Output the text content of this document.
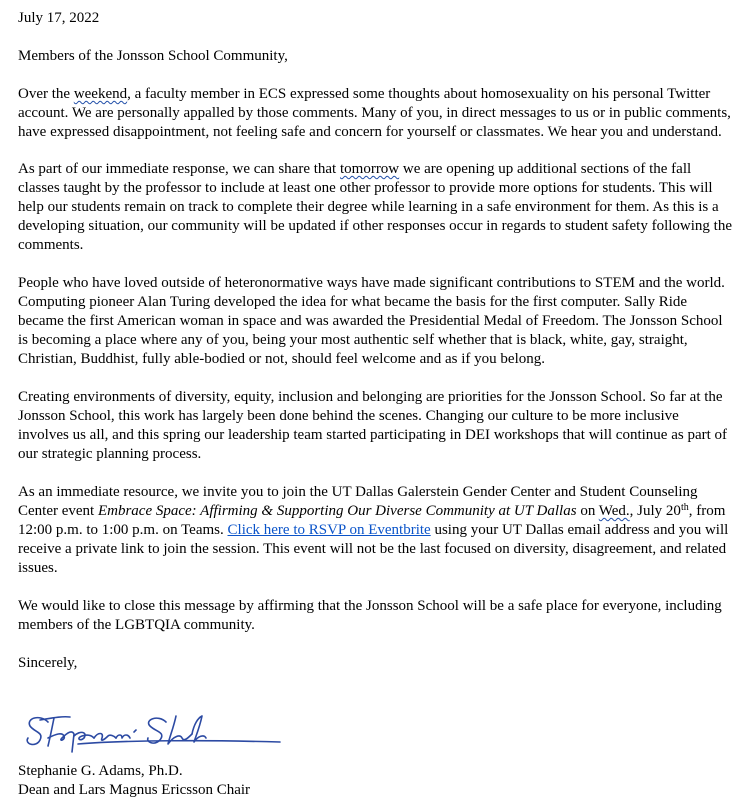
July 17, 2022

Members of the Jonsson School Community,

Over the weekend, a faculty member in ECS expressed some thoughts about homosexuality on his personal Twitter account. We are personally appalled by those comments. Many of you, in direct messages to us or in public comments, have expressed disappointment, not feeling safe and concern for yourself or classmates. We hear you and understand.

As part of our immediate response, we can share that tomorrow we are opening up additional sections of the fall classes taught by the professor to include at least one other professor to provide more options for students. This will help our students remain on track to complete their degree while learning in a safe environment for them. As this is a developing situation, our community will be updated if other responses occur in regards to student safety following the comments.

People who have loved outside of heteronormative ways have made significant contributions to STEM and the world. Computing pioneer Alan Turing developed the idea for what became the basis for the first computer. Sally Ride became the first American woman in space and was awarded the Presidential Medal of Freedom. The Jonsson School is becoming a place where any of you, being your most authentic self whether that is black, white, gay, straight, Christian, Buddhist, fully able-bodied or not, should feel welcome and as if you belong.

Creating environments of diversity, equity, inclusion and belonging are priorities for the Jonsson School. So far at the Jonsson School, this work has largely been done behind the scenes. Changing our culture to be more inclusive involves us all, and this spring our leadership team started participating in DEI workshops that will continue as part of our strategic planning process.

As an immediate resource, we invite you to join the UT Dallas Galerstein Gender Center and Student Counseling Center event Embrace Space: Affirming & Supporting Our Diverse Community at UT Dallas on Wed., July 20th, from 12:00 p.m. to 1:00 p.m. on Teams. Click here to RSVP on Eventbrite using your UT Dallas email address and you will receive a private link to join the session. This event will not be the last focused on diversity, disagreement, and related issues.

We would like to close this message by affirming that the Jonsson School will be a safe place for everyone, including members of the LGBTQIA community.

Sincerely,

Stephanie G. Adams, Ph.D.

Dean and Lars Magnus Ericsson Chair
